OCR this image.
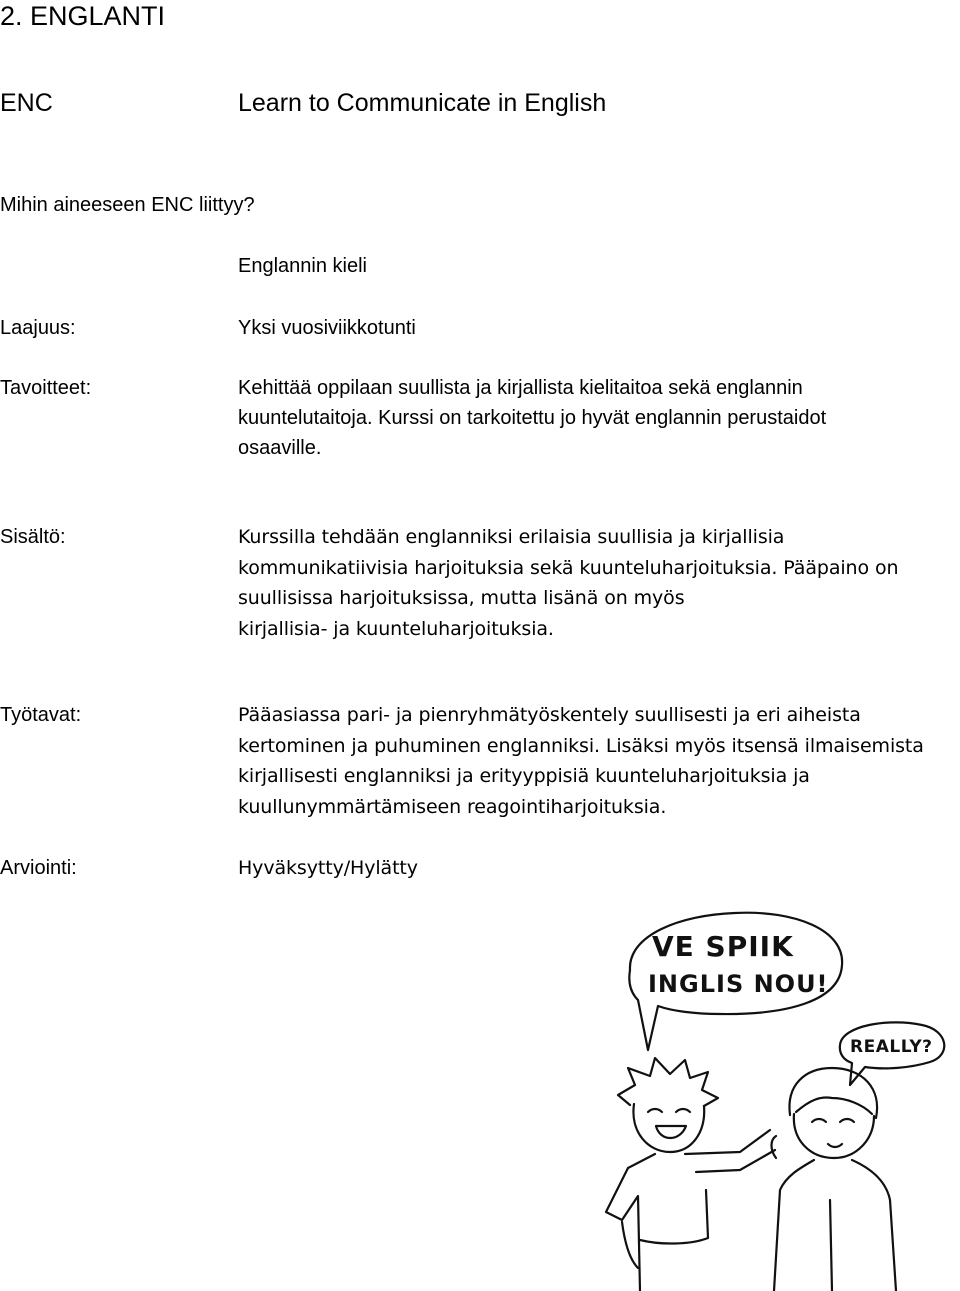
2. ENGLANTI
ENC	Learn to Communicate in English
Mihin aineeseen ENC liittyy?
Englannin kieli
Laajuus:	Yksi vuosiviikkotunti
Tavoitteet:	Kehittää oppilaan suullista ja kirjallista kielitaitoa sekä englannin
kuuntelutaitoja. Kurssi on tarkoitettu jo hyvät englannin perustaidot
osaaville.
Sisältö:	Kurssilla tehdään englanniksi erilaisia suullisia ja kirjallisia
kommunikatiivisia harjoituksia sekä kuunteluharjoituksia. Pääpaino on
suullisissa harjoituksissa, mutta lisänä on myös
kirjallisia- ja kuunteluharjoituksia.
Työtavat:	Pääasiassa pari- ja pienryhmätyöskentely suullisesti ja eri aiheista
kertominen ja puhuminen englanniksi. Lisäksi myös itsensä ilmaisemista
kirjallisesti englanniksi ja erityyppisiä kuunteluharjoituksia ja
kuullunymmärtämiseen reagointiharjoituksia.
Arviointi:	Hyväksytty/Hylätty
VE SPIIK
INGLIS NOU!
REALLY?
